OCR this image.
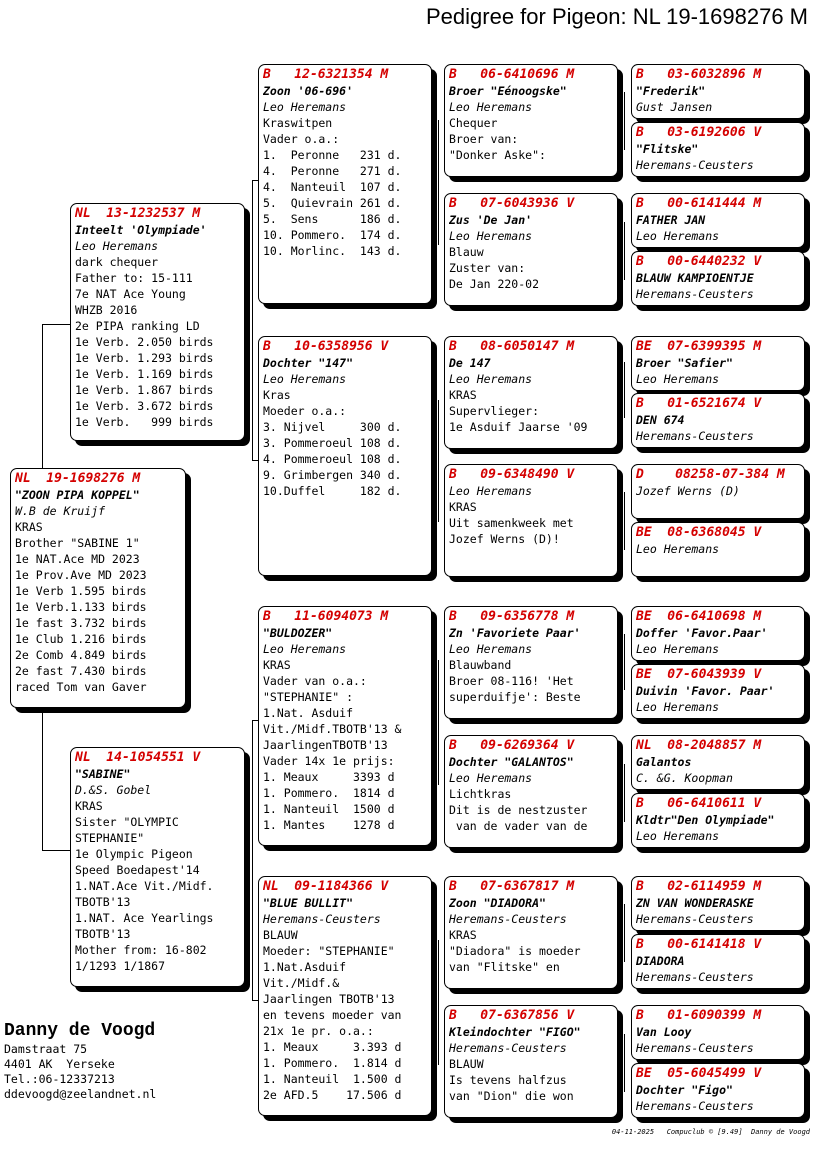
Pedigree for Pigeon: NL 19-1698276 M
NL  19-1698276 M
"ZOON PIPA KOPPEL"
W.B de Kruijf
KRAS
Brother "SABINE 1"
1e NAT.Ace MD 2023
1e Prov.Ave MD 2023
1e Verb 1.595 birds
1e Verb.1.133 birds
1e fast 3.732 birds
1e Club 1.216 birds
2e Comb 4.849 birds
2e fast 7.430 birds
raced Tom van Gaver
NL  13-1232537 M
Inteelt 'Olympiade'
Leo Heremans
dark chequer
Father to: 15-111
7e NAT Ace Young
WHZB 2016
2e PIPA ranking LD
1e Verb. 2.050 birds
1e Verb. 1.293 birds
1e Verb. 1.169 birds
1e Verb. 1.867 birds
1e Verb. 3.672 birds
1e Verb.   999 birds
NL  14-1054551 V
"SABINE"
D.&S. Gobel
KRAS
Sister "OLYMPIC
STEPHANIE"
1e Olympic Pigeon
Speed Boedapest'14
1.NAT.Ace Vit./Midf.
TBOTB'13
1.NAT. Ace Yearlings
TBOTB'13
Mother from: 16-802
1/1293 1/1867
B   12-6321354 M
Zoon '06-696'
Leo Heremans
Kraswitpen
Vader o.a.:
1.  Peronne   231 d.
4.  Peronne   271 d.
4.  Nanteuil  107 d.
5.  Quievrain 261 d.
5.  Sens      186 d.
10. Pommero.  174 d.
10. Morlinc.  143 d.
B   10-6358956 V
Dochter "147"
Leo Heremans
Kras
Moeder o.a.:
3. Nijvel     300 d.
3. Pommeroeul 108 d.
4. Pommeroeul 108 d.
9. Grimbergen 340 d.
10.Duffel     182 d.
B   11-6094073 M
"BULDOZER"
Leo Heremans
KRAS
Vader van o.a.:
"STEPHANIE" :
1.Nat. Asduif
Vit./Midf.TBOTB'13 &
JaarlingenTBOTB'13
Vader 14x 1e prijs:
1. Meaux     3393 d
1. Pommero.  1814 d
1. Nanteuil  1500 d
1. Mantes    1278 d
NL  09-1184366 V
"BLUE BULLIT"
Heremans-Ceusters
BLAUW
Moeder: "STEPHANIE"
1.Nat.Asduif
Vit./Midf.&
Jaarlingen TBOTB'13
en tevens moeder van
21x 1e pr. o.a.:
1. Meaux     3.393 d
1. Pommero.  1.814 d
1. Nanteuil  1.500 d
2e AFD.5    17.506 d
B   06-6410696 M
Broer "Eénoogske"
Leo Heremans
Chequer
Broer van:
"Donker Aske":
B   07-6043936 V
Zus 'De Jan'
Leo Heremans
Blauw
Zuster van:
De Jan 220-02
B   08-6050147 M
De 147
Leo Heremans
KRAS
Supervlieger:
1e Asduif Jaarse '09
B   09-6348490 V
Leo Heremans
KRAS
Uit samenkweek met
Jozef Werns (D)!
B   09-6356778 M
Zn 'Favoriete Paar'
Leo Heremans
Blauwband
Broer 08-116! 'Het
superduifje': Beste
B   09-6269364 V
Dochter "GALANTOS"
Leo Heremans
Lichtkras
Dit is de nestzuster
van de vader van de
B   07-6367817 M
Zoon "DIADORA"
Heremans-Ceusters
KRAS
"Diadora" is moeder
van "Flitske" en
B   07-6367856 V
Kleindochter "FIGO"
Heremans-Ceusters
BLAUW
Is tevens halfzus
van "Dion" die won
B   03-6032896 M
"Frederik"
Gust Jansen
B   03-6192606 V
"Flitske"
Heremans-Ceusters
B   00-6141444 M
FATHER JAN
Leo Heremans
B   00-6440232 V
BLAUW KAMPIOENTJE
Heremans-Ceusters
BE  07-6399395 M
Broer "Safier"
Leo Heremans
B   01-6521674 V
DEN 674
Heremans-Ceusters
D    08258-07-384 M
Jozef Werns (D)
BE  08-6368045 V
Leo Heremans
BE  06-6410698 M
Doffer 'Favor.Paar'
Leo Heremans
BE  07-6043939 V
Duivin 'Favor. Paar'
Leo Heremans
NL  08-2048857 M
Galantos
C. &G. Koopman
B   06-6410611 V
Kldtr"Den Olympiade"
Leo Heremans
B   02-6114959 M
ZN VAN WONDERASKE
Heremans-Ceusters
B   00-6141418 V
DIADORA
Heremans-Ceusters
B   01-6090399 M
Van Looy
Heremans-Ceusters
BE  05-6045499 V
Dochter "Figo"
Heremans-Ceusters
Danny de Voogd
Damstraat 75
4401 AK  Yerseke
Tel.:06-12337213
ddevoogd@zeelandnet.nl
04-11-2025   Compuclub © [9.49]  Danny de Voogd
